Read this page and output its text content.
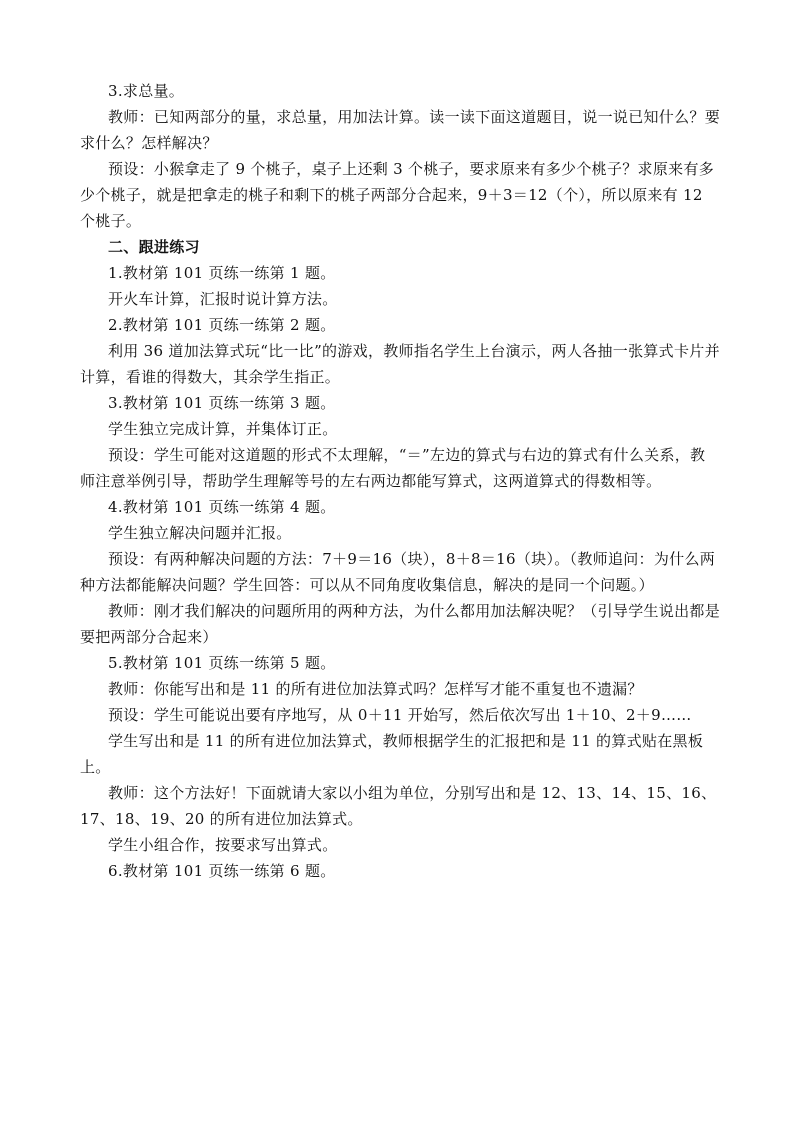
3.求总量。

教师：已知两部分的量，求总量，用加法计算。读一读下面这道题目，说一说已知什么？要求什么？怎样解决？

预设：小猴拿走了 9 个桃子，桌子上还剩 3 个桃子，要求原来有多少个桃子？求原来有多少个桃子，就是把拿走的桃子和剩下的桃子两部分合起来，9＋3＝12（个），所以原来有 12 个桃子。

二、跟进练习

1.教材第 101 页练一练第 1 题。

开火车计算，汇报时说计算方法。

2.教材第 101 页练一练第 2 题。

利用 36 道加法算式玩“比一比”的游戏，教师指名学生上台演示，两人各抽一张算式卡片并计算，看谁的得数大，其余学生指正。

3.教材第 101 页练一练第 3 题。

学生独立完成计算，并集体订正。

预设：学生可能对这道题的形式不太理解，“＝”左边的算式与右边的算式有什么关系，教师注意举例引导，帮助学生理解等号的左右两边都能写算式，这两道算式的得数相等。

4.教材第 101 页练一练第 4 题。

学生独立解决问题并汇报。

预设：有两种解决问题的方法：7＋9＝16（块），8＋8＝16（块）。（教师追问：为什么两种方法都能解决问题？学生回答：可以从不同角度收集信息，解决的是同一个问题。）

教师：刚才我们解决的问题所用的两种方法，为什么都用加法解决呢？（引导学生说出都是要把两部分合起来）

5.教材第 101 页练一练第 5 题。

教师：你能写出和是 11 的所有进位加法算式吗？怎样写才能不重复也不遗漏？

预设：学生可能说出要有序地写，从 0＋11 开始写，然后依次写出 1＋10、2＋9……

学生写出和是 11 的所有进位加法算式，教师根据学生的汇报把和是 11 的算式贴在黑板上。

教师：这个方法好！下面就请大家以小组为单位，分别写出和是 12、13、14、15、16、17、18、19、20 的所有进位加法算式。

学生小组合作，按要求写出算式。

6.教材第 101 页练一练第 6 题。
